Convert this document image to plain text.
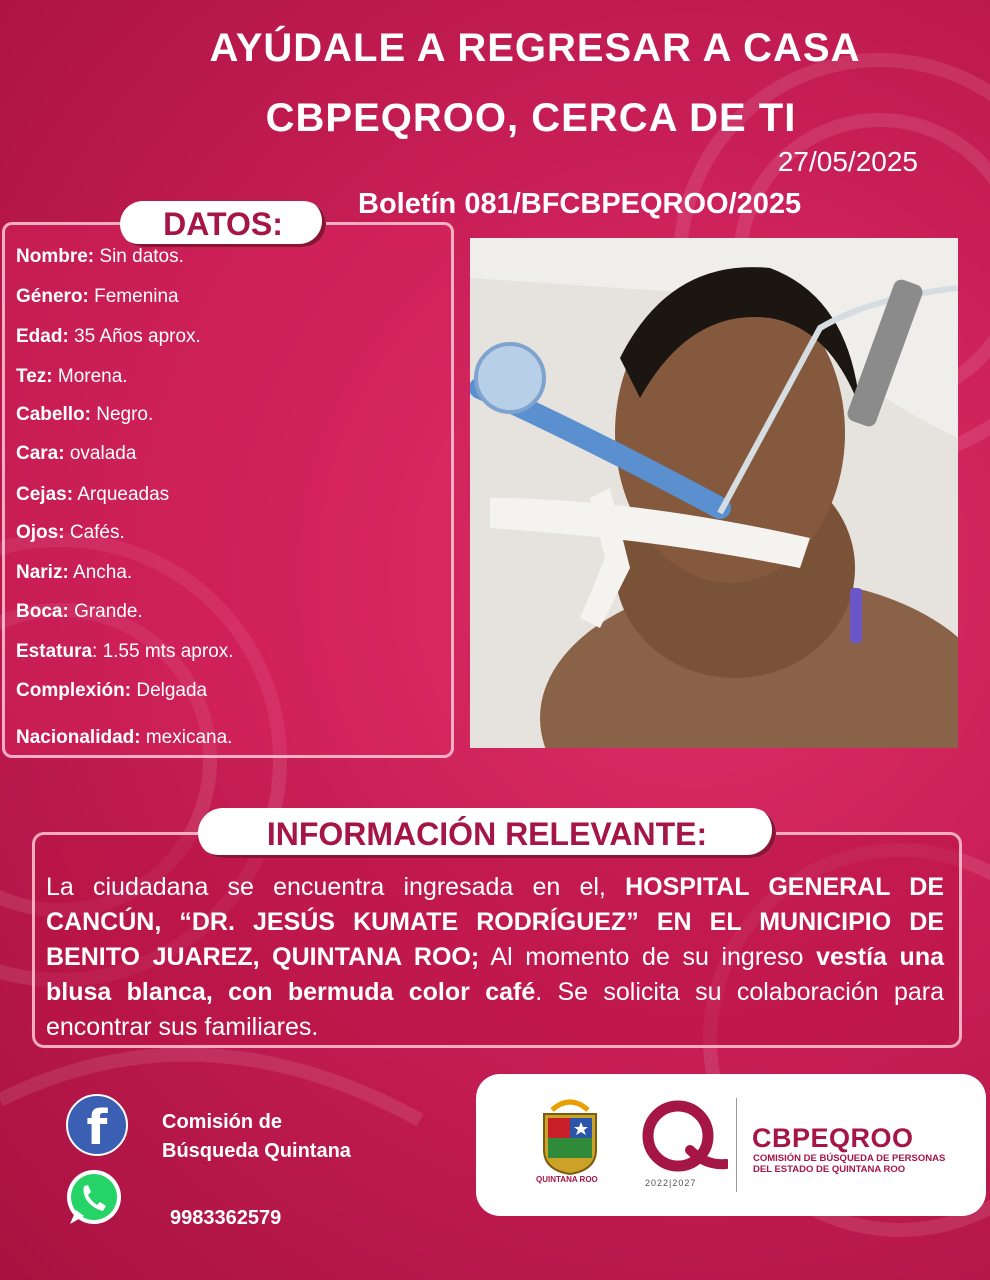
AYÚDALE A REGRESAR A CASA
CBPEQROO, CERCA DE TI
27/05/2025
Boletín 081/BFCBPEQROO/2025
DATOS:
Nombre: Sin datos.
Género: Femenina
Edad: 35 Años aprox.
Tez: Morena.
Cabello: Negro.
Cara: ovalada
Cejas: Arqueadas
Ojos: Cafés.
Nariz: Ancha.
Boca: Grande.
Estatura: 1.55 mts aprox.
Complexión: Delgada
Nacionalidad: mexicana.
INFORMACIÓN RELEVANTE:
La ciudadana se encuentra ingresada en el, HOSPITAL GENERAL DE CANCÚN, “DR. JESÚS KUMATE RODRÍGUEZ” EN EL MUNICIPIO DE BENITO JUAREZ, QUINTANA ROO; Al momento de su ingreso vestía una blusa blanca, con bermuda color café. Se solicita su colaboración para encontrar sus familiares.
f	Comisión de
Búsqueda Quintana
9983362579
QUINTANA ROO	2022|2027
CBPEQROO
COMISIÓN DE BÚSQUEDA DE PERSONAS
DEL ESTADO DE QUINTANA ROO
